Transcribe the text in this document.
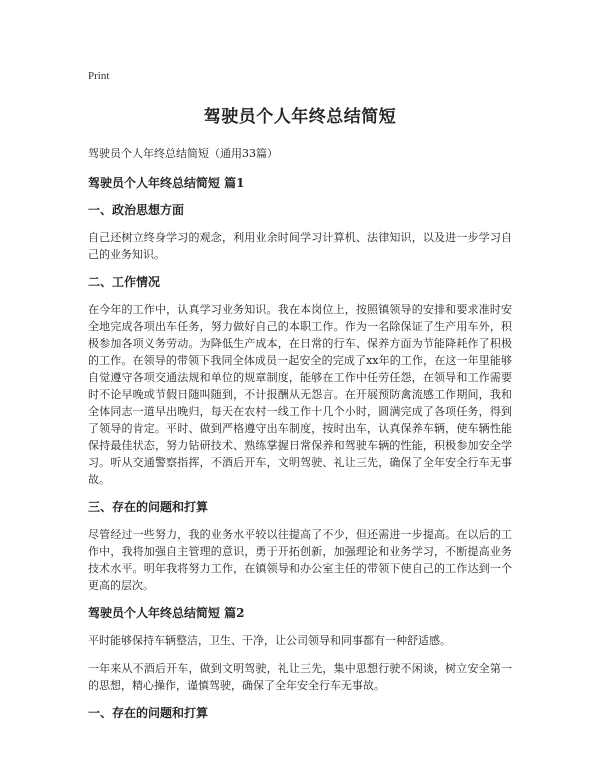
Print
驾驶员个人年终总结简短
驾驶员个人年终总结简短（通用33篇）
驾驶员个人年终总结简短 篇1
一、政治思想方面
自己还树立终身学习的观念，利用业余时间学习计算机、法律知识，以及进一步学习自己的业务知识。
二、工作情况
在今年的工作中，认真学习业务知识。我在本岗位上，按照镇领导的安排和要求准时安全地完成各项出车任务，努力做好自己的本职工作。作为一名除保证了生产用车外，积极参加各项义务劳动。为降低生产成本，在日常的行车、保养方面为节能降耗作了积极的工作。在领导的带领下我同全体成员一起安全的完成了xx年的工作，在这一年里能够自觉遵守各项交通法规和单位的规章制度，能够在工作中任劳任怨，在领导和工作需要时不论早晚或节假日随叫随到，不计报酬从无怨言。在开展预防禽流感工作期间，我和全体同志一道早出晚归，每天在农村一线工作十几个小时，圆满完成了各项任务，得到了领导的肯定。平时、做到严格遵守出车制度，按时出车，认真保养车辆，使车辆性能保持最佳状态，努力钻研技术、熟练掌握日常保养和驾驶车辆的性能，积极参加安全学习。听从交通警察指挥，不酒后开车，文明驾驶、礼让三先，确保了全年安全行车无事故。
三、存在的问题和打算
尽管经过一些努力，我的业务水平较以往提高了不少，但还需进一步提高。在以后的工作中，我将加强自主管理的意识，勇于开拓创新，加强理论和业务学习，不断提高业务技术水平。明年我将努力工作，在镇领导和办公室主任的带领下使自己的工作达到一个更高的层次。
驾驶员个人年终总结简短 篇2
平时能够保持车辆整洁，卫生、干净，让公司领导和同事都有一种舒适感。
一年来从不酒后开车，做到文明驾驶，礼让三先，集中思想行驶不闲谈，树立安全第一的思想，精心操作，谨慎驾驶，确保了全年安全行车无事故。
一、存在的问题和打算
